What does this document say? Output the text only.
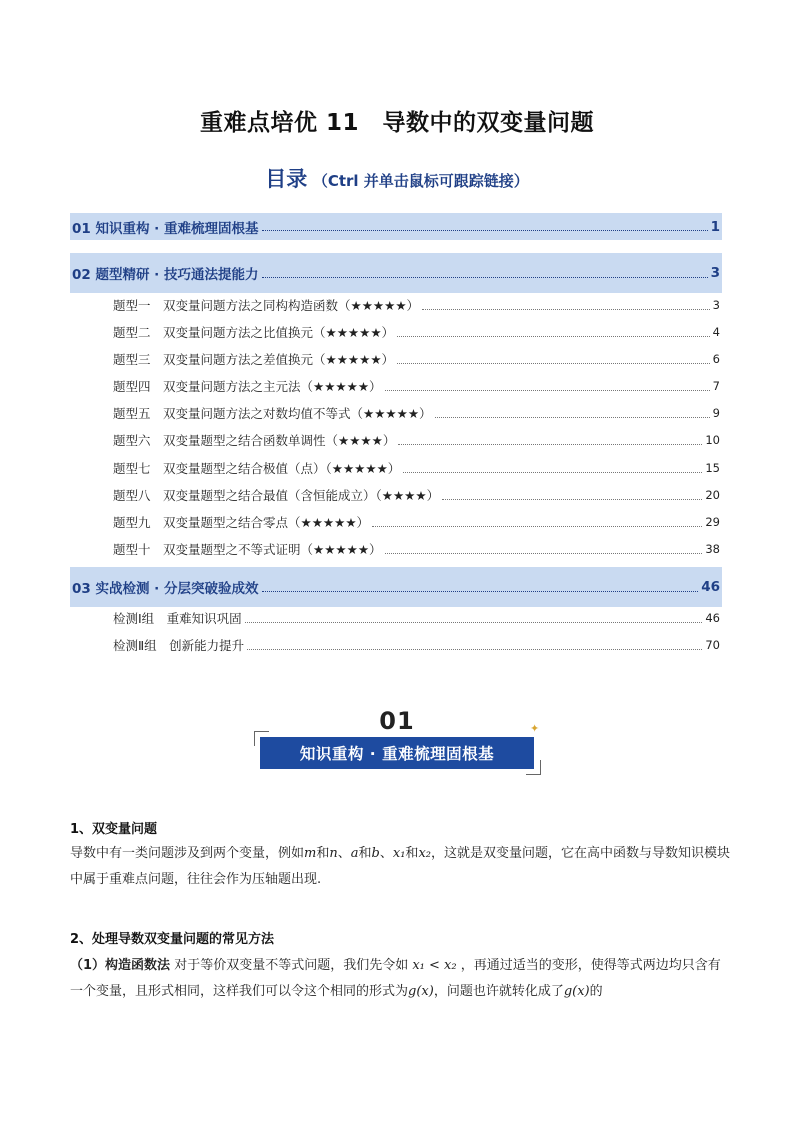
重难点培优 11　导数中的双变量问题
目录 （Ctrl 并单击鼠标可跟踪链接）
01 知识重构 · 重难梳理固根基	1
02 题型精研 · 技巧通法提能力	3
题型一　双变量问题方法之同构构造函数（★★★★★）	3
题型二　双变量问题方法之比值换元（★★★★★）	4
题型三　双变量问题方法之差值换元（★★★★★）	6
题型四　双变量问题方法之主元法（★★★★★）	7
题型五　双变量问题方法之对数均值不等式（★★★★★）	9
题型六　双变量题型之结合函数单调性（★★★★）	10
题型七　双变量题型之结合极值（点）（★★★★★）	15
题型八　双变量题型之结合最值（含恒能成立）（★★★★）	20
题型九　双变量题型之结合零点（★★★★★）	29
题型十　双变量题型之不等式证明（★★★★★）	38
03 实战检测 · 分层突破验成效	46
检测Ⅰ组　重难知识巩固	46
检测Ⅱ组　创新能力提升	70
01	✦
知识重构 · 重难梳理固根基
1、双变量问题
导数中有一类问题涉及到两个变量，例如m和n、a和b、x₁和x₂，这就是双变量问题，它在高中函数与导数知识模块中属于重难点问题，往往会作为压轴题出现.
2、处理导数双变量问题的常见方法
（1）构造函数法 对于等价双变量不等式问题，我们先令如 x₁ < x₂ ，再通过适当的变形，使得等式两边均只含有一个变量，且形式相同，这样我们可以令这个相同的形式为g(x)，问题也许就转化成了g(x)的
